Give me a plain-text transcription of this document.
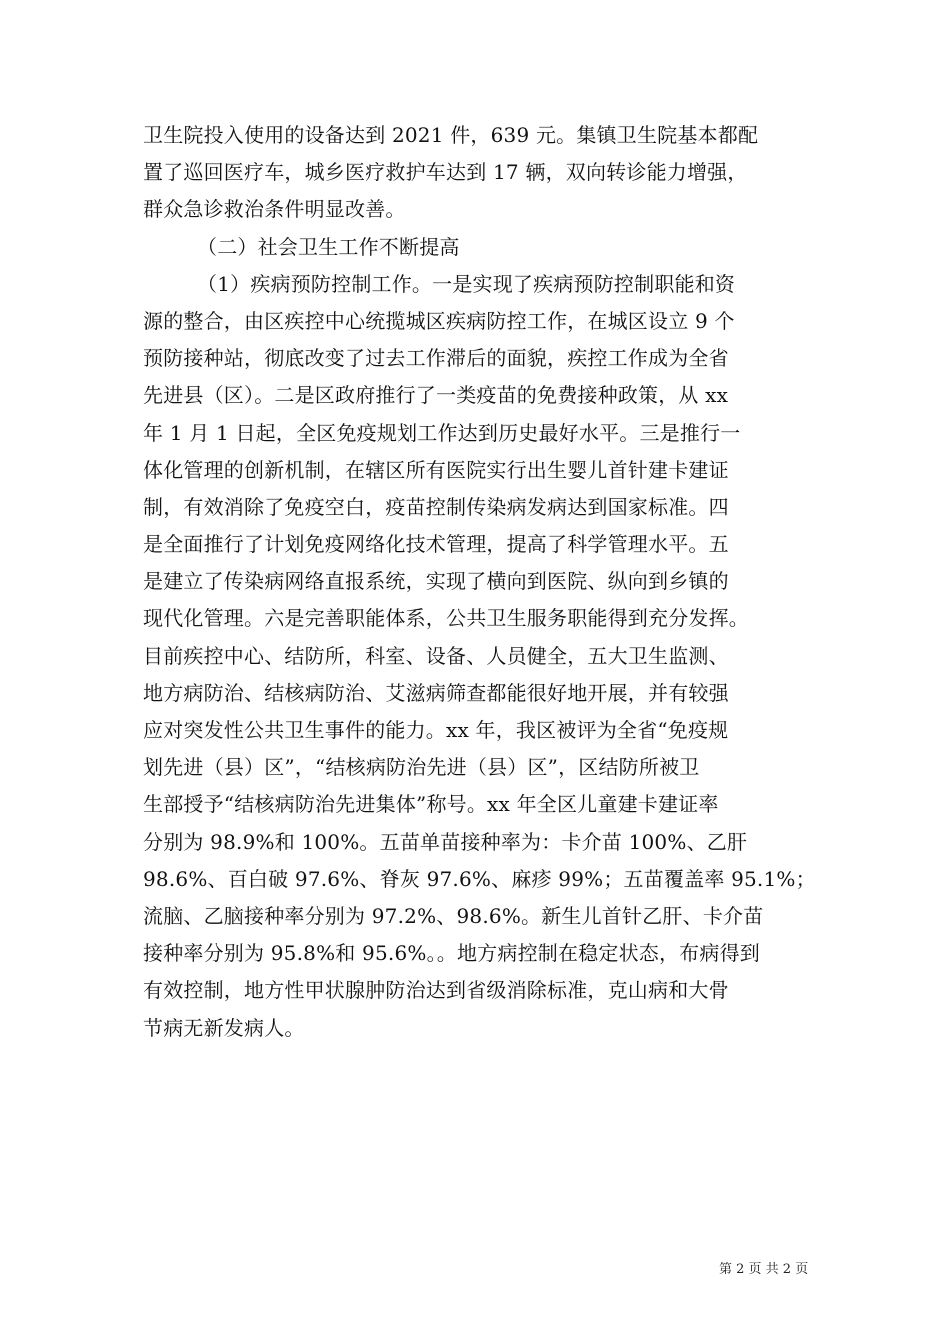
卫生院投入使用的设备达到 2021 件，639 元。集镇卫生院基本都配
置了巡回医疗车，城乡医疗救护车达到 17 辆，双向转诊能力增强，
群众急诊救治条件明显改善。
（二）社会卫生工作不断提高
（1）疾病预防控制工作。一是实现了疾病预防控制职能和资
源的整合，由区疾控中心统揽城区疾病防控工作，在城区设立 9 个
预防接种站，彻底改变了过去工作滞后的面貌，疾控工作成为全省
先进县（区）。二是区政府推行了一类疫苗的免费接种政策，从 xx
年 1 月 1 日起，全区免疫规划工作达到历史最好水平。三是推行一
体化管理的创新机制，在辖区所有医院实行出生婴儿首针建卡建证
制，有效消除了免疫空白，疫苗控制传染病发病达到国家标准。四
是全面推行了计划免疫网络化技术管理，提高了科学管理水平。五
是建立了传染病网络直报系统，实现了横向到医院、纵向到乡镇的
现代化管理。六是完善职能体系，公共卫生服务职能得到充分发挥。
目前疾控中心、结防所，科室、设备、人员健全，五大卫生监测、
地方病防治、结核病防治、艾滋病筛查都能很好地开展，并有较强
应对突发性公共卫生事件的能力。xx 年，我区被评为全省“免疫规
划先进（县）区”，“结核病防治先进（县）区”，区结防所被卫
生部授予“结核病防治先进集体”称号。xx 年全区儿童建卡建证率
分别为 98.9%和 100%。五苗单苗接种率为：卡介苗 100%、乙肝
98.6%、百白破 97.6%、脊灰 97.6%、麻疹 99%；五苗覆盖率 95.1%；
流脑、乙脑接种率分别为 97.2%、98.6%。新生儿首针乙肝、卡介苗
接种率分别为 95.8%和 95.6%。。地方病控制在稳定状态，布病得到
有效控制，地方性甲状腺肿防治达到省级消除标准，克山病和大骨
节病无新发病人。
第 2 页 共 2 页
